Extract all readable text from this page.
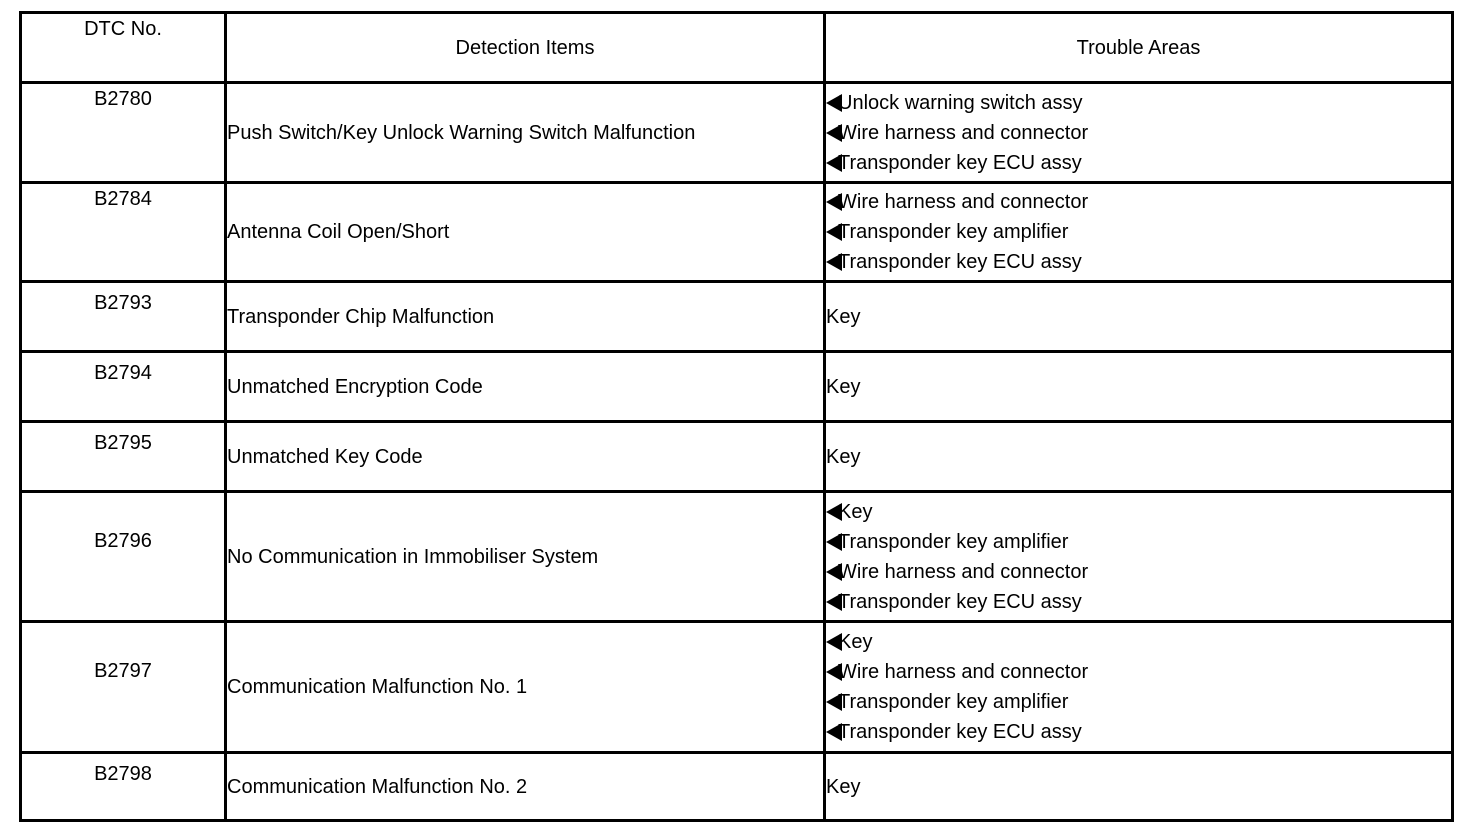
DTC No.	Detection Items	Trouble Areas
B2780	Push Switch/Key Unlock Warning Switch Malfunction	Unlock warning switch assy
Wire harness and connector
Transponder key ECU assy

B2784	Antenna Coil Open/Short	Wire harness and connector
Transponder key amplifier
Transponder key ECU assy

B2793	Transponder Chip Malfunction	Key

B2794	Unmatched Encryption Code	Key

B2795	Unmatched Key Code	Key

B2796	No Communication in Immobiliser System	Key
Transponder key amplifier
Wire harness and connector
Transponder key ECU assy

B2797	Communication Malfunction No. 1	Key
Wire harness and connector
Transponder key amplifier
Transponder key ECU assy

B2798	Communication Malfunction No. 2	Key
